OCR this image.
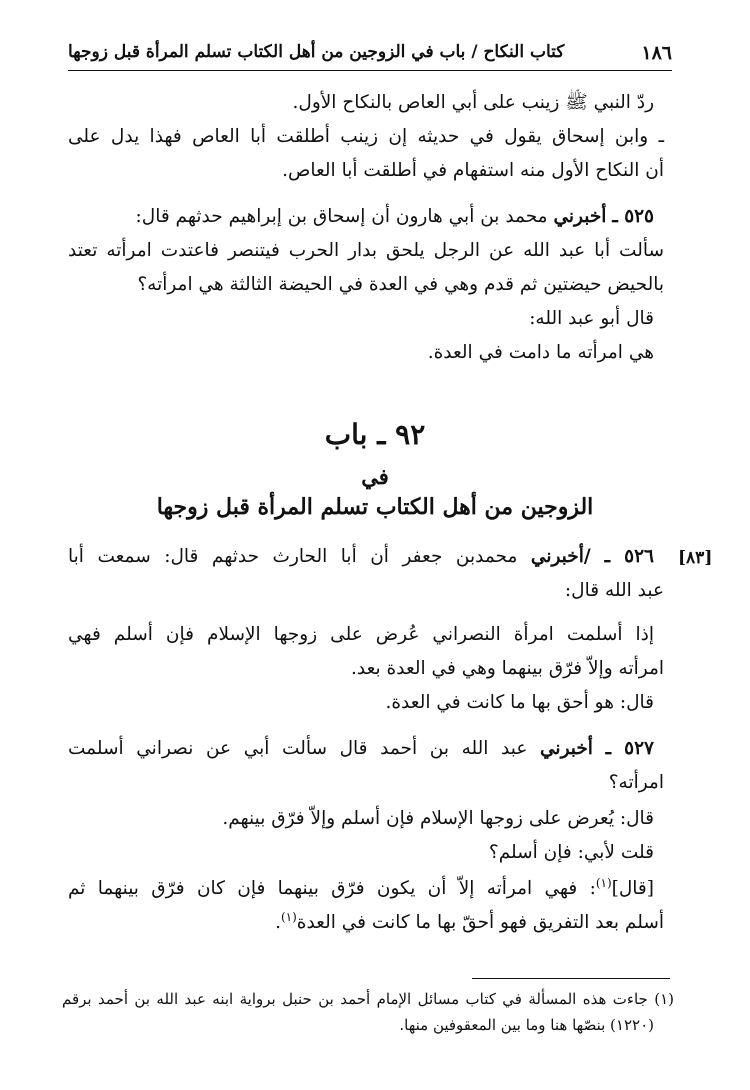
١٨٦
كتاب النكاح / باب في الزوجين من أهل الكتاب تسلم المرأة قبل زوجها
ردّ النبي ﷺ زينب على أبي العاص بالنكاح الأول.
ـ وابن إسحاق يقول في حديثه إن زينب أطلقت أبا العاص فهذا يدل على
أن النكاح الأول منه استفهام في أطلقت أبا العاص.
٥٢٥ ـ أخبرني محمد بن أبي هارون أن إسحاق بن إبراهيم حدثهم قال:
سألت أبا عبد الله عن الرجل يلحق بدار الحرب فيتنصر فاعتدت امرأته تعتد
بالحيض حيضتين ثم قدم وهي في العدة في الحيضة الثالثة هي امرأته؟
قال أبو عبد الله:
هي امرأته ما دامت في العدة.
٩٢ ـ باب
في
الزوجين من أهل الكتاب تسلم المرأة قبل زوجها
[٨٣]
٥٢٦ ـ /أخبرني محمدبن جعفر أن أبا الحارث حدثهم قال: سمعت أبا
عبد الله قال:
إذا أسلمت امرأة النصراني عُرض على زوجها الإسلام فإن أسلم فهي
امرأته وإلاّ فرّق بينهما وهي في العدة بعد.
قال: هو أحق بها ما كانت في العدة.
٥٢٧ ـ أخبرني عبد الله بن أحمد قال سألت أبي عن نصراني أسلمت
امرأته؟
قال: يُعرض على زوجها الإسلام فإن أسلم وإلاّ فرّق بينهم.
قلت لأبي: فإن أسلم؟
[قال]$^{(١)}$: فهي امرأته إلاّ أن يكون فرّق بينهما فإن كان فرّق بينهما ثم
أسلم بعد التفريق فهو أحقّ بها ما كانت في العدة$^{(١)}$.
(١) جاءت هذه المسألة في كتاب مسائل الإمام أحمد بن حنبل برواية ابنه عبد الله بن أحمد برقم
(١٢٢٠) بنصّها هنا وما بين المعقوفين منها.
